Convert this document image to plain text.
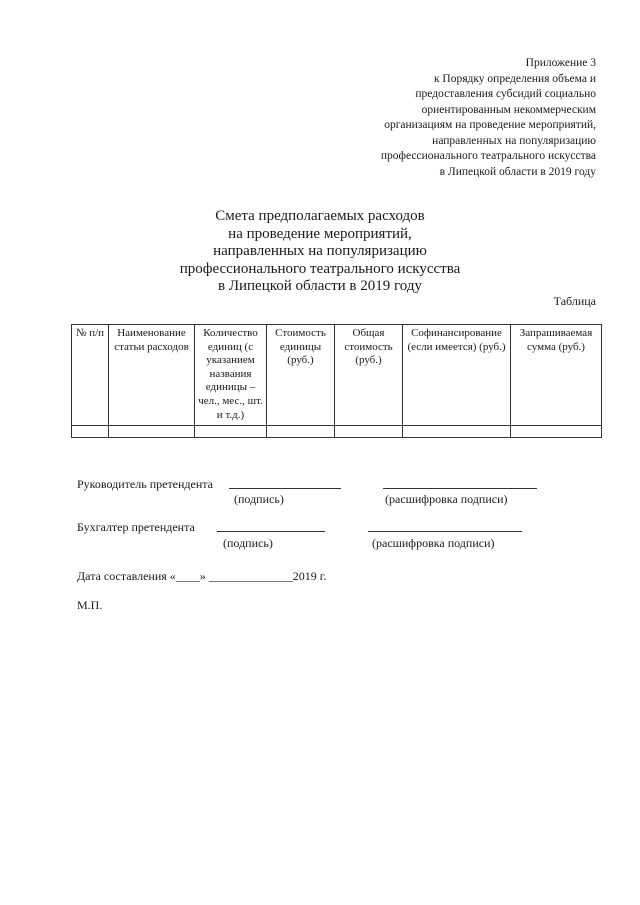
Приложение 3
к Порядку определения объема и
предоставления субсидий социально
ориентированным некоммерческим
организациям на проведение мероприятий,
направленных на популяризацию
профессионального театрального искусства
в Липецкой области в 2019 году
Смета предполагаемых расходов
на проведение мероприятий,
направленных на популяризацию
профессионального театрального искусства
в Липецкой области в 2019 году
Таблица
№ п/п	Наименование статьи расходов	Количество единиц (с указанием названия единицы – чел., мес., шт. и т.д.)	Стоимость единицы (руб.)	Общая стоимость (руб.)	Софинансирование (если имеется) (руб.)	Запрашиваемая сумма (руб.)

Руководитель претендента
(подпись)	(расшифровка подписи)
Бухгалтер претендента
(подпись)	(расшифровка подписи)
Дата составления «____» ______________2019 г.
М.П.
